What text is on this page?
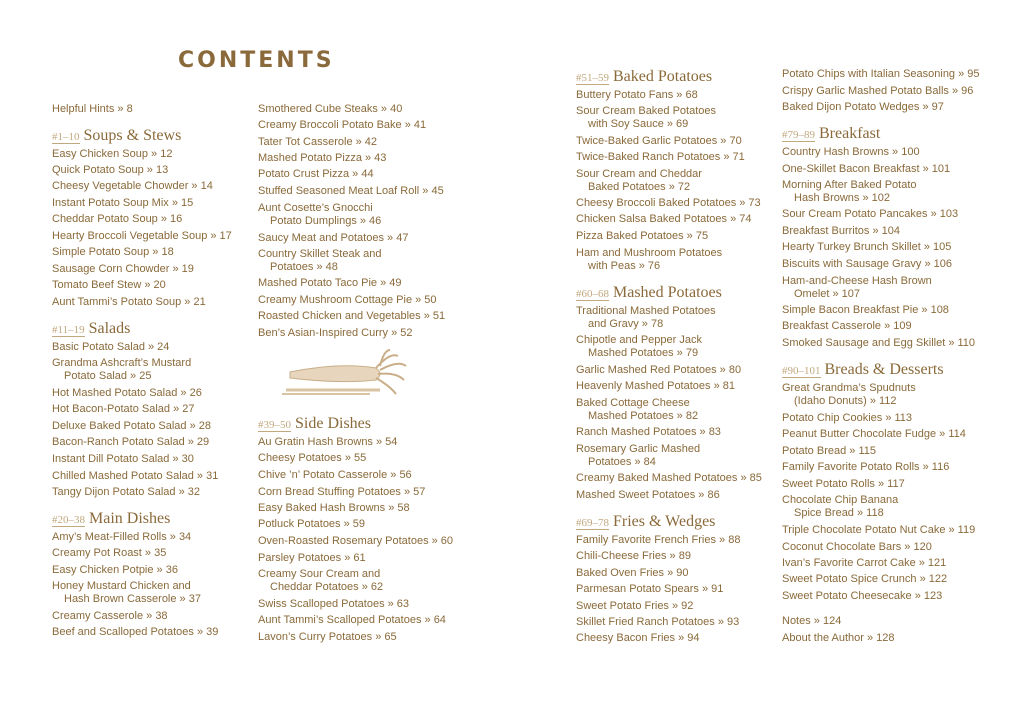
CONTENTS
Helpful Hints » 8
#1–10 Soups & Stews
Easy Chicken Soup » 12
Quick Potato Soup » 13
Cheesy Vegetable Chowder » 14
Instant Potato Soup Mix » 15
Cheddar Potato Soup » 16
Hearty Broccoli Vegetable Soup » 17
Simple Potato Soup » 18
Sausage Corn Chowder » 19
Tomato Beef Stew » 20
Aunt Tammi’s Potato Soup » 21
#11–19 Salads
Basic Potato Salad » 24
Grandma Ashcraft’s Mustard
Potato Salad » 25
Hot Mashed Potato Salad » 26
Hot Bacon-Potato Salad » 27
Deluxe Baked Potato Salad » 28
Bacon-Ranch Potato Salad » 29
Instant Dill Potato Salad » 30
Chilled Mashed Potato Salad » 31
Tangy Dijon Potato Salad » 32
#20–38 Main Dishes
Amy’s Meat-Filled Rolls » 34
Creamy Pot Roast » 35
Easy Chicken Potpie » 36
Honey Mustard Chicken and
Hash Brown Casserole » 37
Creamy Casserole » 38
Beef and Scalloped Potatoes » 39
Smothered Cube Steaks » 40
Creamy Broccoli Potato Bake » 41
Tater Tot Casserole » 42
Mashed Potato Pizza » 43
Potato Crust Pizza » 44
Stuffed Seasoned Meat Loaf Roll » 45
Aunt Cosette’s Gnocchi
Potato Dumplings » 46
Saucy Meat and Potatoes » 47
Country Skillet Steak and
Potatoes » 48
Mashed Potato Taco Pie » 49
Creamy Mushroom Cottage Pie » 50
Roasted Chicken and Vegetables » 51
Ben’s Asian-Inspired Curry » 52
#39–50 Side Dishes
Au Gratin Hash Browns » 54
Cheesy Potatoes » 55
Chive ’n’ Potato Casserole » 56
Corn Bread Stuffing Potatoes » 57
Easy Baked Hash Browns » 58
Potluck Potatoes » 59
Oven-Roasted Rosemary Potatoes » 60
Parsley Potatoes » 61
Creamy Sour Cream and
Cheddar Potatoes » 62
Swiss Scalloped Potatoes » 63
Aunt Tammi’s Scalloped Potatoes » 64
Lavon’s Curry Potatoes » 65
#51–59 Baked Potatoes
Buttery Potato Fans » 68
Sour Cream Baked Potatoes
with Soy Sauce » 69
Twice-Baked Garlic Potatoes » 70
Twice-Baked Ranch Potatoes » 71
Sour Cream and Cheddar
Baked Potatoes » 72
Cheesy Broccoli Baked Potatoes » 73
Chicken Salsa Baked Potatoes » 74
Pizza Baked Potatoes » 75
Ham and Mushroom Potatoes
with Peas » 76
#60–68 Mashed Potatoes
Traditional Mashed Potatoes
and Gravy » 78
Chipotle and Pepper Jack
Mashed Potatoes » 79
Garlic Mashed Red Potatoes » 80
Heavenly Mashed Potatoes » 81
Baked Cottage Cheese
Mashed Potatoes » 82
Ranch Mashed Potatoes » 83
Rosemary Garlic Mashed
Potatoes » 84
Creamy Baked Mashed Potatoes » 85
Mashed Sweet Potatoes » 86
#69–78 Fries & Wedges
Family Favorite French Fries » 88
Chili-Cheese Fries » 89
Baked Oven Fries » 90
Parmesan Potato Spears » 91
Sweet Potato Fries » 92
Skillet Fried Ranch Potatoes » 93
Cheesy Bacon Fries » 94
Potato Chips with Italian Seasoning » 95
Crispy Garlic Mashed Potato Balls » 96
Baked Dijon Potato Wedges » 97
#79–89 Breakfast
Country Hash Browns » 100
One-Skillet Bacon Breakfast » 101
Morning After Baked Potato
Hash Browns » 102
Sour Cream Potato Pancakes » 103
Breakfast Burritos » 104
Hearty Turkey Brunch Skillet » 105
Biscuits with Sausage Gravy » 106
Ham-and-Cheese Hash Brown
Omelet » 107
Simple Bacon Breakfast Pie » 108
Breakfast Casserole » 109
Smoked Sausage and Egg Skillet » 110
#90–101 Breads & Desserts
Great Grandma’s Spudnuts
(Idaho Donuts) » 112
Potato Chip Cookies » 113
Peanut Butter Chocolate Fudge » 114
Potato Bread » 115
Family Favorite Potato Rolls » 116
Sweet Potato Rolls » 117
Chocolate Chip Banana
Spice Bread » 118
Triple Chocolate Potato Nut Cake » 119
Coconut Chocolate Bars » 120
Ivan’s Favorite Carrot Cake » 121
Sweet Potato Spice Crunch » 122
Sweet Potato Cheesecake » 123
Notes » 124
About the Author » 128
